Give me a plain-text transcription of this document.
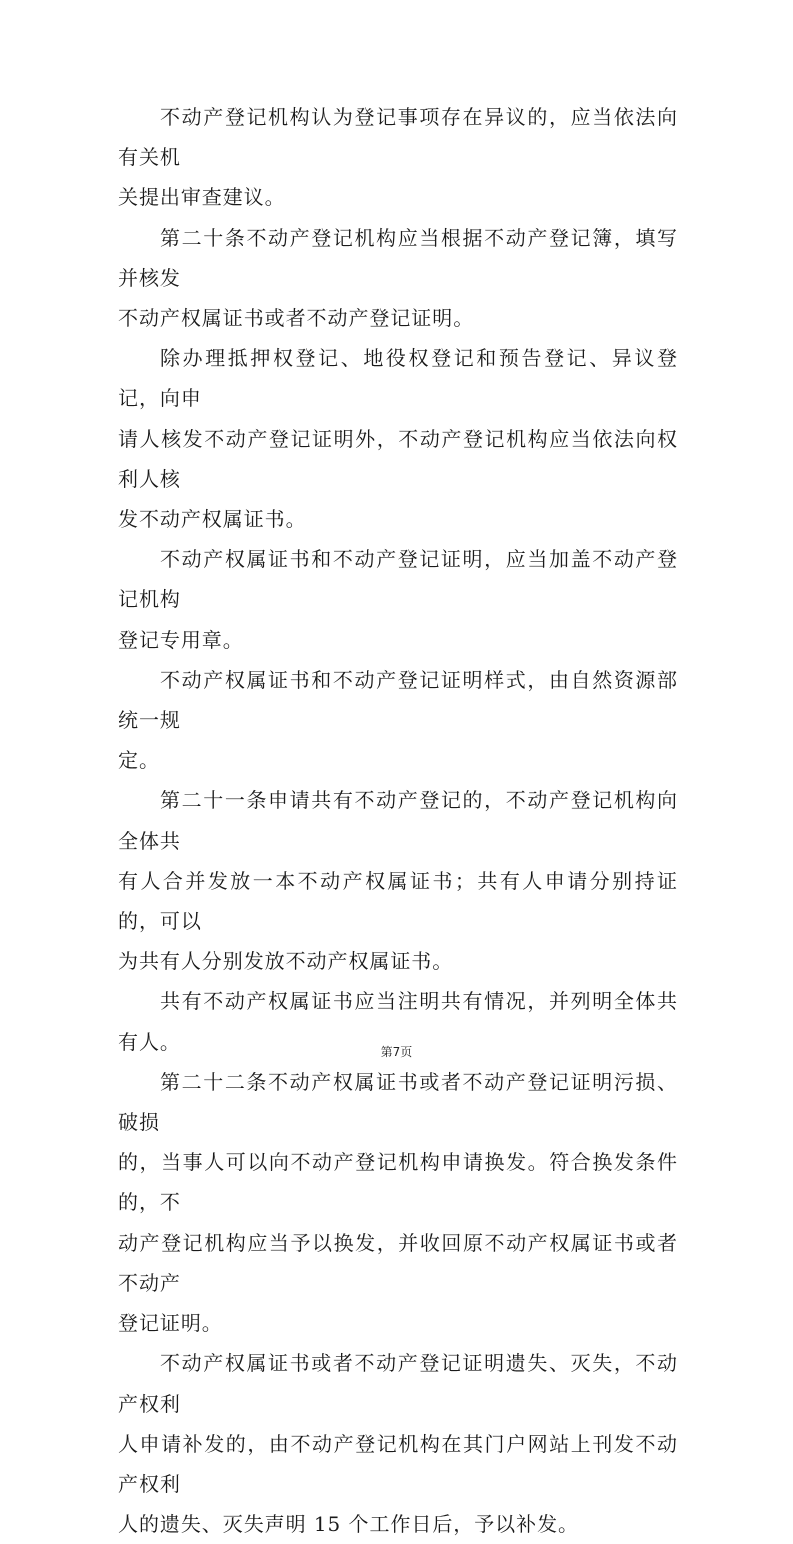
不动产登记机构认为登记事项存在异议的，应当依法向有关机
关提出审查建议。

第二十条不动产登记机构应当根据不动产登记簿，填写并核发
不动产权属证书或者不动产登记证明。

除办理抵押权登记、地役权登记和预告登记、异议登记，向申
请人核发不动产登记证明外，不动产登记机构应当依法向权利人核
发不动产权属证书。

不动产权属证书和不动产登记证明，应当加盖不动产登记机构
登记专用章。

不动产权属证书和不动产登记证明样式，由自然资源部统一规
定。

第二十一条申请共有不动产登记的，不动产登记机构向全体共
有人合并发放一本不动产权属证书；共有人申请分别持证的，可以
为共有人分别发放不动产权属证书。

共有不动产权属证书应当注明共有情况，并列明全体共有人。

第二十二条不动产权属证书或者不动产登记证明污损、破损
的，当事人可以向不动产登记机构申请换发。符合换发条件的，不
动产登记机构应当予以换发，并收回原不动产权属证书或者不动产
登记证明。

不动产权属证书或者不动产登记证明遗失、灭失，不动产权利
人申请补发的，由不动产登记机构在其门户网站上刊发不动产权利
人的遗失、灭失声明 15 个工作日后，予以补发。

第7页
